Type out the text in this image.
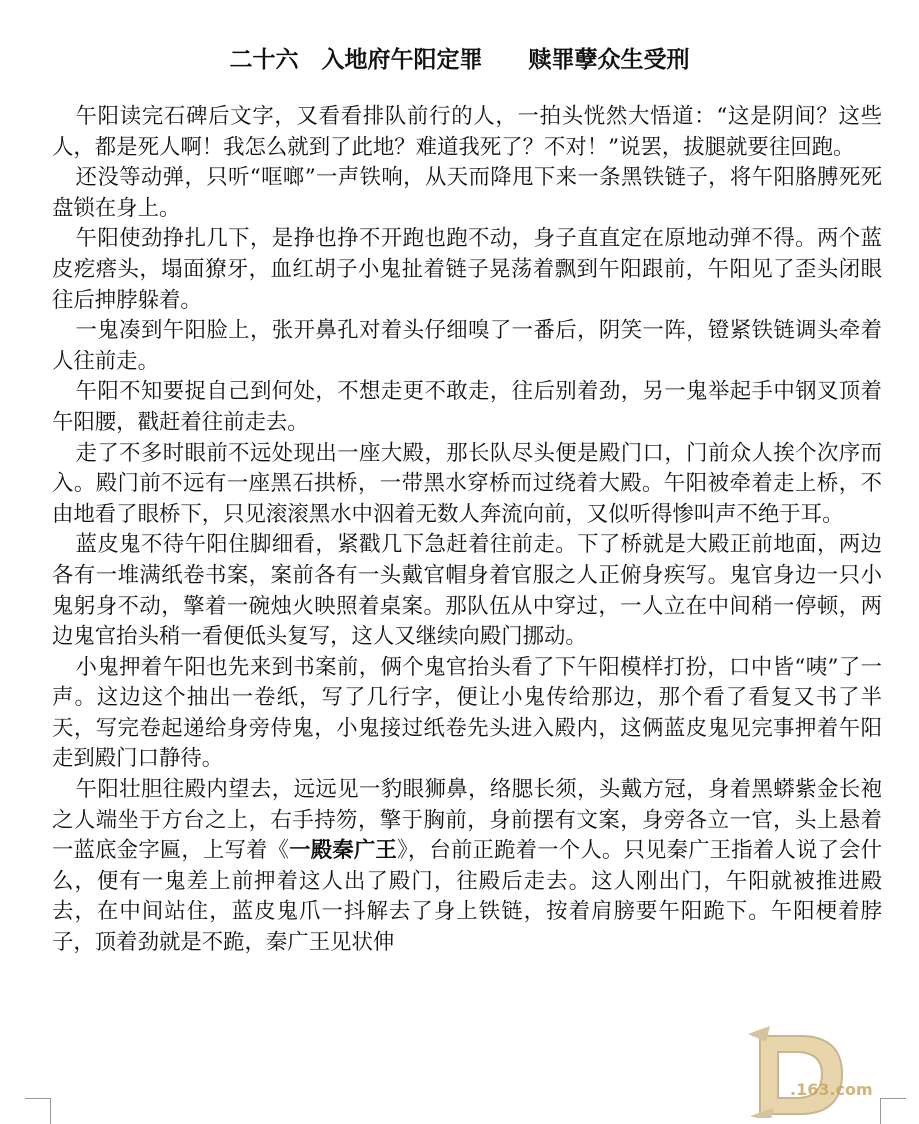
二十六　入地府午阳定罪　　赎罪孽众生受刑

午阳读完石碑后文字，又看看排队前行的人，一拍头恍然大悟道：“这是阴间？这些人，都是死人啊！我怎么就到了此地？难道我死了？不对！”说罢，拔腿就要往回跑。

还没等动弹，只听“哐啷”一声铁响，从天而降甩下来一条黑铁链子，将午阳胳膊死死盘锁在身上。

午阳使劲挣扎几下，是挣也挣不开跑也跑不动，身子直直定在原地动弹不得。两个蓝皮疙瘩头，塌面獠牙，血红胡子小鬼扯着链子晃荡着飘到午阳跟前，午阳见了歪头闭眼往后抻脖躲着。

一鬼凑到午阳脸上，张开鼻孔对着头仔细嗅了一番后，阴笑一阵，镫紧铁链调头牵着人往前走。

午阳不知要捉自己到何处，不想走更不敢走，往后别着劲，另一鬼举起手中钢叉顶着午阳腰，戳赶着往前走去。

走了不多时眼前不远处现出一座大殿，那长队尽头便是殿门口，门前众人挨个次序而入。殿门前不远有一座黑石拱桥，一带黑水穿桥而过绕着大殿。午阳被牵着走上桥，不由地看了眼桥下，只见滚滚黑水中泅着无数人奔流向前，又似听得惨叫声不绝于耳。

蓝皮鬼不待午阳住脚细看，紧戳几下急赶着往前走。下了桥就是大殿正前地面，两边各有一堆满纸卷书案，案前各有一头戴官帽身着官服之人正俯身疾写。鬼官身边一只小鬼躬身不动，擎着一碗烛火映照着桌案。那队伍从中穿过，一人立在中间稍一停顿，两边鬼官抬头稍一看便低头复写，这人又继续向殿门挪动。

小鬼押着午阳也先来到书案前，俩个鬼官抬头看了下午阳模样打扮，口中皆“咦”了一声。这边这个抽出一卷纸，写了几行字，便让小鬼传给那边，那个看了看复又书了半天，写完卷起递给身旁侍鬼，小鬼接过纸卷先头进入殿内，这俩蓝皮鬼见完事押着午阳走到殿门口静待。

午阳壮胆往殿内望去，远远见一豹眼狮鼻，络腮长须，头戴方冠，身着黑蟒紫金长袍之人端坐于方台之上，右手持笏，擎于胸前，身前摆有文案，身旁各立一官，头上悬着一蓝底金字匾，上写着《一殿秦广王》，台前正跪着一个人。只见秦广王指着人说了会什么，便有一鬼差上前押着这人出了殿门，往殿后走去。这人刚出门，午阳就被推进殿去，在中间站住，蓝皮鬼爪一抖解去了身上铁链，按着肩膀要午阳跪下。午阳梗着脖子，顶着劲就是不跪，秦广王见状伸

.163.com
